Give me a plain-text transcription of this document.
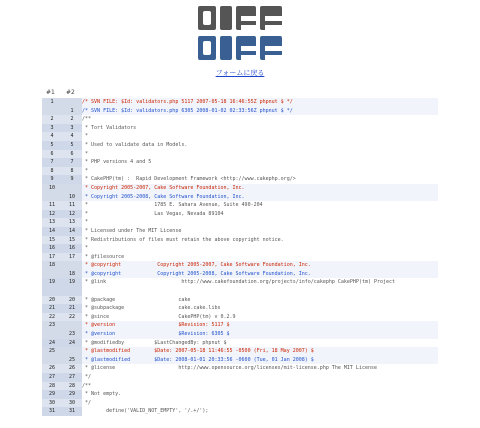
フォームに戻る
#1	#2
1		/* SVN FILE: $Id: validators.php 5117 2007-05-18 16:46:55Z phpnut $ */
	1	/* SVN FILE: $Id: validators.php 6305 2008-01-02 02:33:56Z phpnut $ */
2	2	/**
3	3	* Tort Validators
4	4	*
5	5	* Used to validate data in Models.
6	6	*
7	7	* PHP versions 4 and 5
8	8	*
9	9	* CakePHP(tm) :  Rapid Development Framework <http://www.cakephp.org/>
10		* Copyright 2005-2007, Cake Software Foundation, Inc.
	10	* Copyright 2005-2008, Cake Software Foundation, Inc.
11	11	*                      1785 E. Sahara Avenue, Suite 490-204
12	12	*                      Las Vegas, Nevada 89104
13	13	*
14	14	* Licensed under The MIT License
15	15	* Redistributions of files must retain the above copyright notice.
16	16	*
17	17	* @filesource
18		* @copyright            Copyright 2005-2007, Cake Software Foundation, Inc.
	18	* @copyright            Copyright 2005-2008, Cake Software Foundation, Inc.
19	19	* @link                         http://www.cakefoundation.org/projects/info/cakephp CakePHP(tm) Project
20	20	* @package                     cake
21	21	* @subpackage                  cake.cake.libs
22	22	* @since                       CakePHP(tm) v 0.2.9
23		* @version                     $Revision: 5117 $
	23	* @version                     $Revision: 6305 $
24	24	* @modifiedby          $LastChangedBy: phpnut $
25		* @lastmodified        $Date: 2007-05-18 11:46:55 -0500 (Fri, 18 May 2007) $
	25	* @lastmodified        $Date: 2008-01-01 20:33:56 -0600 (Tue, 01 Jan 2008) $
26	26	* @license                     http://www.opensource.org/licenses/mit-license.php The MIT License
27	27	*/
28	28	/**
29	29	* Not empty.
30	30	*/
31	31	define('VALID_NOT_EMPTY', '/.+/');
